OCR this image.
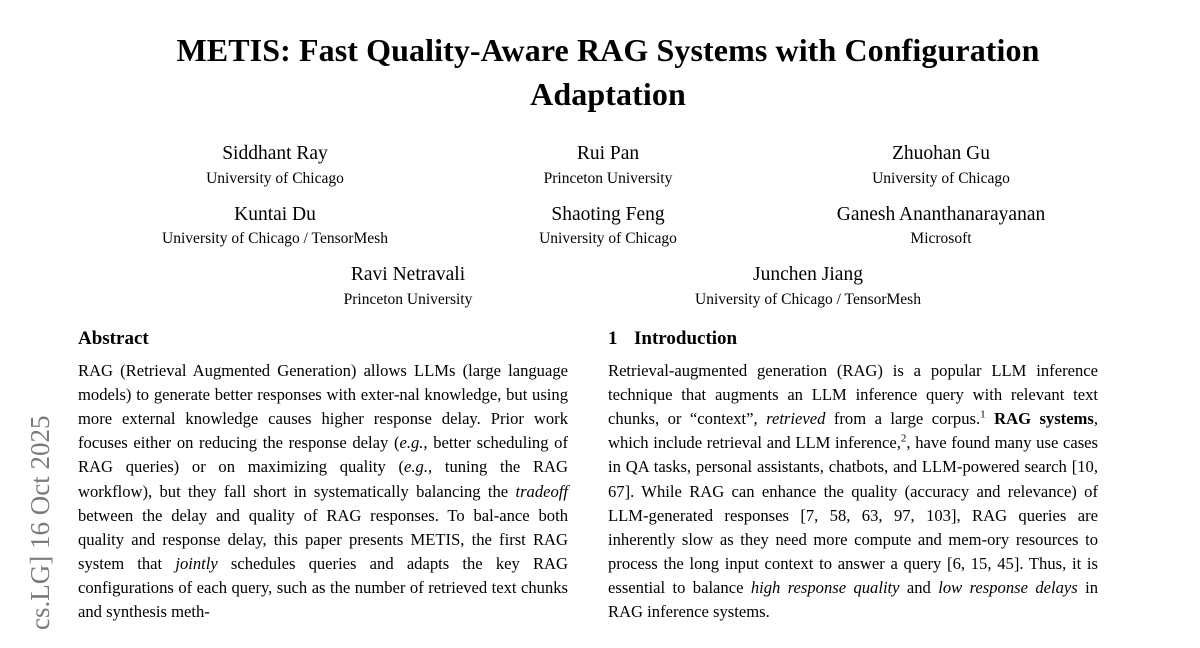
cs.LG] 16 Oct 2025
METIS: Fast Quality-Aware RAG Systems with Configuration Adaptation
Siddhant Ray
University of Chicago
Rui Pan
Princeton University
Zhuohan Gu
University of Chicago
Kuntai Du
University of Chicago / TensorMesh
Shaoting Feng
University of Chicago
Ganesh Ananthanarayanan
Microsoft
Ravi Netravali
Princeton University
Junchen Jiang
University of Chicago / TensorMesh
Abstract
RAG (Retrieval Augmented Generation) allows LLMs (large language models) to generate better responses with exter‑nal knowledge, but using more external knowledge causes higher response delay. Prior work focuses either on reducing the response delay (e.g., better scheduling of RAG queries) or on maximizing quality (e.g., tuning the RAG workflow), but they fall short in systematically balancing the tradeoff between the delay and quality of RAG responses. To bal‑ance both quality and response delay, this paper presents METIS, the first RAG system that jointly schedules queries and adapts the key RAG configurations of each query, such as the number of retrieved text chunks and synthesis meth‑
1 Introduction
Retrieval-augmented generation (RAG) is a popular LLM inference technique that augments an LLM inference query with relevant text chunks, or “context”, retrieved from a large corpus.$^1$ RAG systems, which include retrieval and LLM inference,$^2$, have found many use cases in QA tasks, personal assistants, chatbots, and LLM-powered search [10, 67]. While RAG can enhance the quality (accuracy and relevance) of LLM-generated responses [7, 58, 63, 97, 103], RAG queries are inherently slow as they need more compute and mem‑ory resources to process the long input context to answer a query [6, 15, 45]. Thus, it is essential to balance high response quality and low response delays in RAG inference systems.
